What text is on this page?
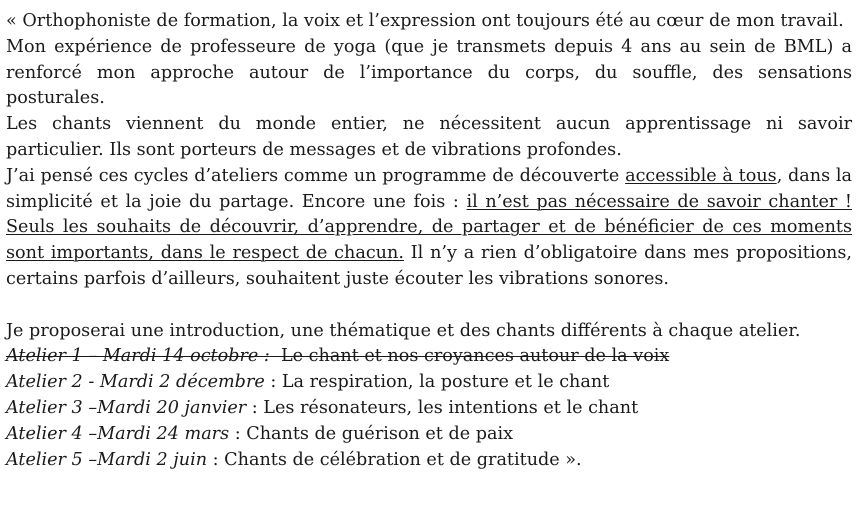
« Orthophoniste de formation, la voix et l’expression ont toujours été au cœur de mon travail.

Mon expérience de professeure de yoga (que je transmets depuis 4 ans au sein de BML) a renforcé mon approche autour de l’importance du corps, du souffle, des sensations posturales.

Les chants viennent du monde entier, ne nécessitent aucun apprentissage ni savoir particulier. Ils sont porteurs de messages et de vibrations profondes.

J’ai pensé ces cycles d’ateliers comme un programme de découverte accessible à tous, dans la simplicité et la joie du partage. Encore une fois : il n’est pas nécessaire de savoir chanter ! Seuls les souhaits de découvrir, d’apprendre, de partager et de bénéficier de ces moments sont importants, dans le respect de chacun. Il n’y a rien d’obligatoire dans mes propositions, certains parfois d’ailleurs, souhaitent juste écouter les vibrations sonores.

Je proposerai une introduction, une thématique et des chants différents à chaque atelier.

Atelier 1 – Mardi 14 octobre :  Le chant et nos croyances autour de la voix

Atelier 2 - Mardi 2 décembre : La respiration, la posture et le chant

Atelier 3 –Mardi 20 janvier : Les résonateurs, les intentions et le chant

Atelier 4 –Mardi 24 mars : Chants de guérison et de paix

Atelier 5 –Mardi 2 juin : Chants de célébration et de gratitude ».
